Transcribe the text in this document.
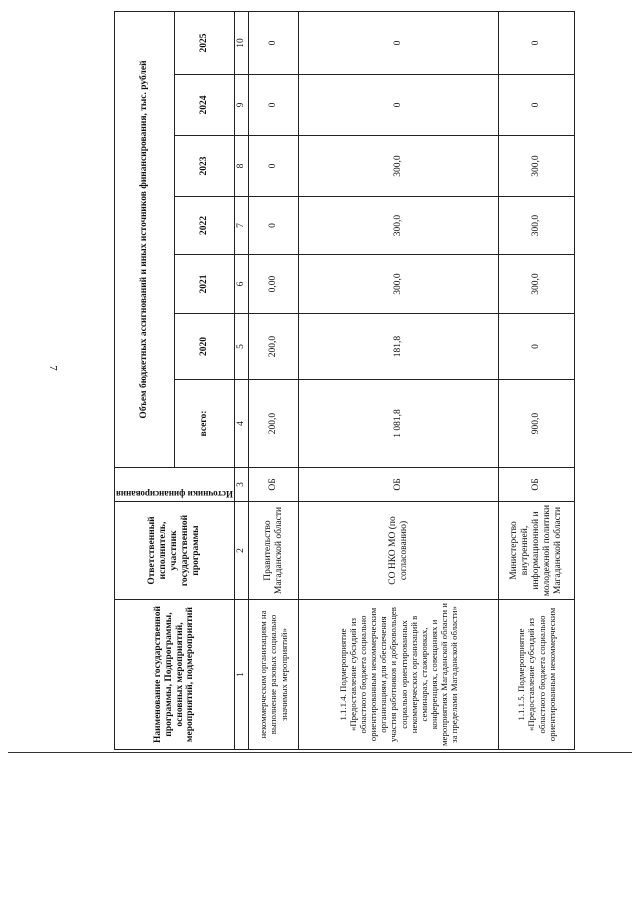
7
Наименование государственной программы, Подпрограммы, основных мероприятий, мероприятий, подмероприятий	Ответственный исполнитель, участник государственной программы	Источники финансирования	Объем бюджетных ассигнований и иных источников финансирования, тыс. рублей						
			всего:	2020	2021	2022	2023	2024	2025
1	2	3	4	5	6	7	8	9	10
некоммерческим организациям на выполнение разовых социально значимых мероприятий»	Правительство Магаданской области	ОБ	200,0	200,0	0,00	0	0	0	0
1.1.1.4. Подмероприятие «Предоставление субсидий из областного бюджета социально ориентированным некоммерческим организациям для обеспечения участия работников и добровольцев социально ориентированных некоммерческих организаций в семинарах, стажировках, конференциях, совещаниях и мероприятиях Магаданской области и за пределами Магаданской области»	СО НКО МО (по согласованию)	ОБ	1 081,8	181,8	300,0	300,0	300,0	0	0
1.1.1.5. Подмероприятие «Предоставление субсидий из областного бюджета социально ориентированным некоммерческим	Министерство внутренней, информационной и молодежной политики Магаданской области	ОБ	900,0	0	300,0	300,0	300,0	0	0
